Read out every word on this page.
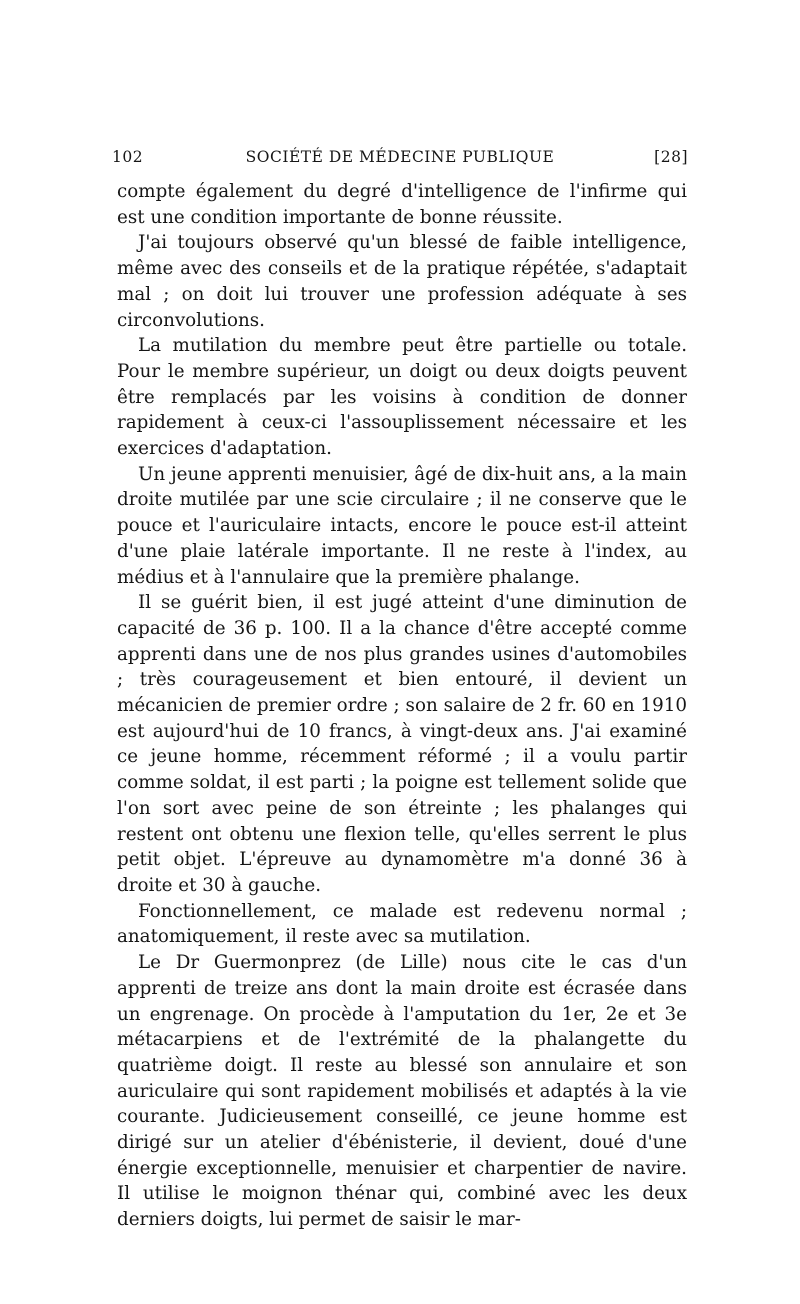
102	SOCIÉTÉ DE MÉDECINE PUBLIQUE	[28]

compte également du degré d'intelligence de l'infirme qui est une condition importante de bonne réussite.

J'ai toujours observé qu'un blessé de faible intelligence, même avec des conseils et de la pratique répétée, s'adaptait mal ; on doit lui trouver une profession adéquate à ses circonvolutions.

La mutilation du membre peut être partielle ou totale. Pour le membre supérieur, un doigt ou deux doigts peuvent être remplacés par les voisins à condition de donner rapidement à ceux-ci l'assouplissement nécessaire et les exercices d'adaptation.

Un jeune apprenti menuisier, âgé de dix-huit ans, a la main droite mutilée par une scie circulaire ; il ne conserve que le pouce et l'auriculaire intacts, encore le pouce est-il atteint d'une plaie latérale importante. Il ne reste à l'index, au médius et à l'annulaire que la première phalange.

Il se guérit bien, il est jugé atteint d'une diminution de capacité de 36 p. 100. Il a la chance d'être accepté comme apprenti dans une de nos plus grandes usines d'automobiles ; très courageusement et bien entouré, il devient un mécanicien de premier ordre ; son salaire de 2 fr. 60 en 1910 est aujourd'hui de 10 francs, à vingt-deux ans. J'ai examiné ce jeune homme, récemment réformé ; il a voulu partir comme soldat, il est parti ; la poigne est tellement solide que l'on sort avec peine de son étreinte ; les phalanges qui restent ont obtenu une flexion telle, qu'elles serrent le plus petit objet. L'épreuve au dynamomètre m'a donné 36 à droite et 30 à gauche.

Fonctionnellement, ce malade est redevenu normal ; anatomiquement, il reste avec sa mutilation.

Le Dr Guermonprez (de Lille) nous cite le cas d'un apprenti de treize ans dont la main droite est écrasée dans un engrenage. On procède à l'amputation du 1er, 2e et 3e métacarpiens et de l'extrémité de la phalangette du quatrième doigt. Il reste au blessé son annulaire et son auriculaire qui sont rapidement mobilisés et adaptés à la vie courante. Judicieusement conseillé, ce jeune homme est dirigé sur un atelier d'ébénisterie, il devient, doué d'une énergie exceptionnelle, menuisier et charpentier de navire. Il utilise le moignon thénar qui, combiné avec les deux derniers doigts, lui permet de saisir le mar-
